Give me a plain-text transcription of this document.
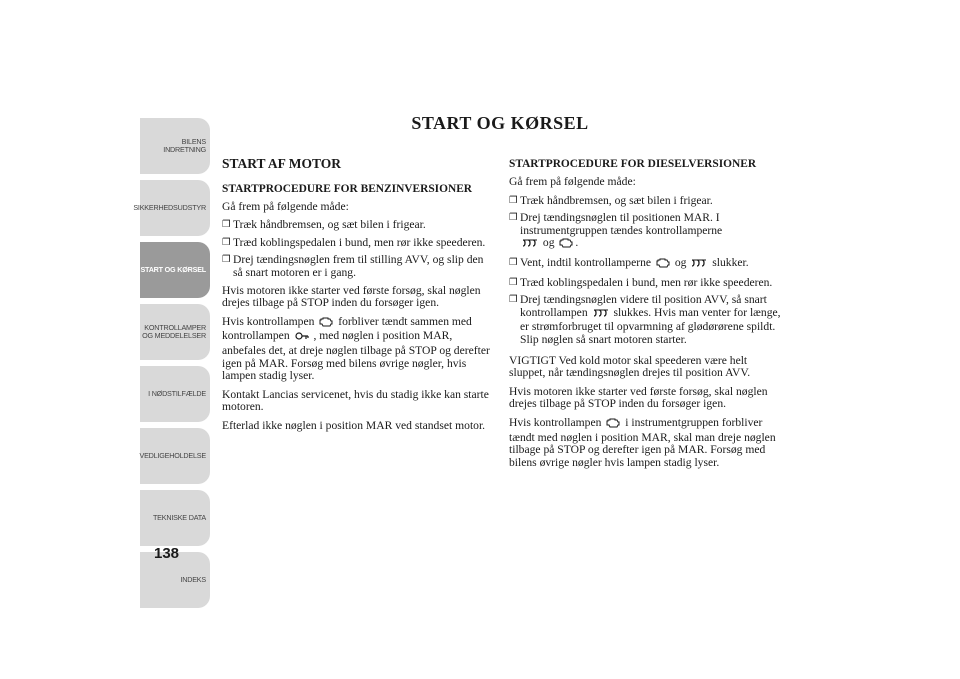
BILENS
INDRETNING
SIKKERHEDSUDSTYR
START OG KØRSEL
KONTROLLAMPER
OG MEDDELELSER
I NØDSTILFÆLDE
VEDLIGEHOLDELSE
TEKNISKE DATA
INDEKS
138
START OG KØRSEL
START AF MOTOR
STARTPROCEDURE FOR BENZINVERSIONER

Gå frem på følgende måde:

❒ Træk håndbremsen, og sæt bilen i frigear.
❒ Træd koblingspedalen i bund, men rør ikke speederen.
❒ Drej tændingsnøglen frem til stilling AVV, og slip den så snart motoren er i gang.

Hvis motoren ikke starter ved første forsøg, skal nøglen drejes tilbage på STOP inden du forsøger igen.

Hvis kontrollampen forbliver tændt sammen med kontrollampen , med nøglen i position MAR, anbefales det, at dreje nøglen tilbage på STOP og derefter igen på MAR. Forsøg med bilens øvrige nøgler, hvis lampen stadig lyser.

Kontakt Lancias servicenet, hvis du stadig ikke kan starte motoren.

Efterlad ikke nøglen i position MAR ved standset motor.

STARTPROCEDURE FOR DIESELVERSIONER

Gå frem på følgende måde:

❒ Træk håndbremsen, og sæt bilen i frigear.
❒ Drej tændingsnøglen til positionen MAR. I instrumentgruppen tændes kontrollamperne
og .
❒ Vent, indtil kontrollamperne og slukker.
❒ Træd koblingspedalen i bund, men rør ikke speederen.
❒ Drej tændingsnøglen videre til position AVV, så snart kontrollampen slukkes. Hvis man venter for længe, er strømforbruget til opvarmning af glødørørene spildt. Slip nøglen så snart motoren starter.

VIGTIGT Ved kold motor skal speederen være helt sluppet, når tændingsnøglen drejes til position AVV.

Hvis motoren ikke starter ved første forsøg, skal nøglen drejes tilbage på STOP inden du forsøger igen.

Hvis kontrollampen i instrumentgruppen forbliver tændt med nøglen i position MAR, skal man dreje nøglen tilbage på STOP og derefter igen på MAR. Forsøg med bilens øvrige nøgler hvis lampen stadig lyser.
